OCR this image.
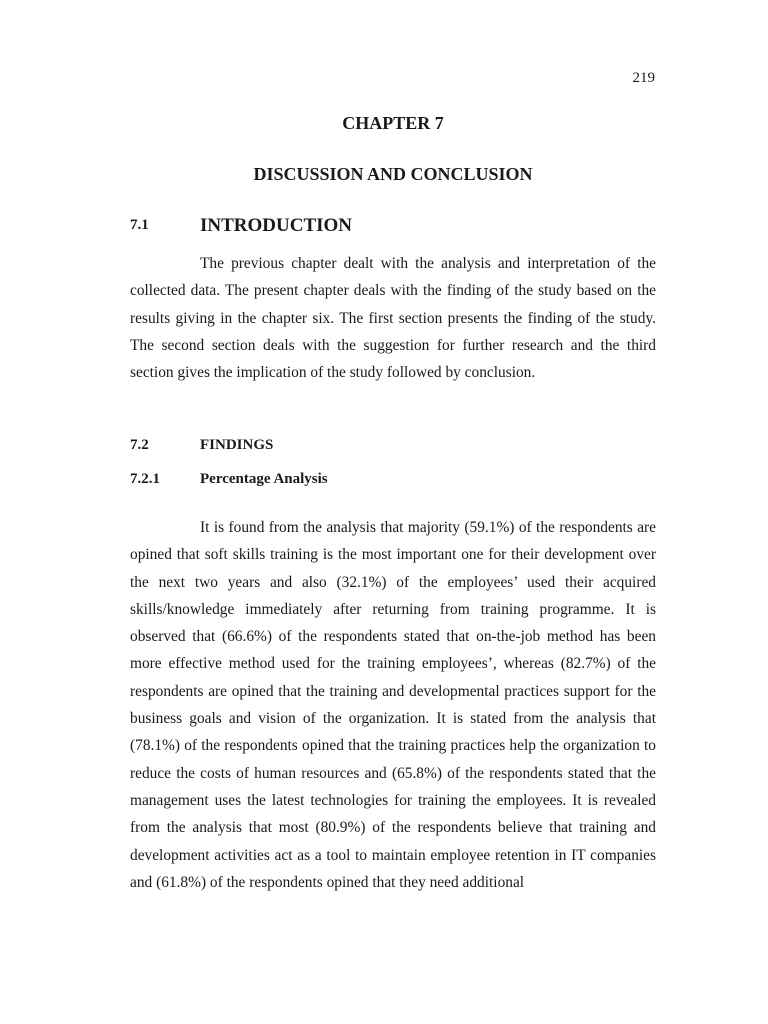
219
CHAPTER 7
DISCUSSION AND CONCLUSION
7.1	INTRODUCTION

The previous chapter dealt with the analysis and interpretation of the collected data. The present chapter deals with the finding of the study based on the results giving in the chapter six. The first section presents the finding of the study. The second section deals with the suggestion for further research and the third section gives the implication of the study followed by conclusion.

7.2	FINDINGS
7.2.1	Percentage Analysis

It is found from the analysis that majority (59.1%) of the respondents are opined that soft skills training is the most important one for their development over the next two years and also (32.1%) of the employees’ used their acquired skills/knowledge immediately after returning from training programme. It is observed that (66.6%) of the respondents stated that on-the-job method has been more effective method used for the training employees’, whereas (82.7%) of the respondents are opined that the training and developmental practices support for the business goals and vision of the organization. It is stated from the analysis that (78.1%) of the respondents opined that the training practices help the organization to reduce the costs of human resources and (65.8%) of the respondents stated that the management uses the latest technologies for training the employees. It is revealed from the analysis that most (80.9%) of the respondents believe that training and development activities act as a tool to maintain employee retention in IT companies and (61.8%) of the respondents opined that they need additional
